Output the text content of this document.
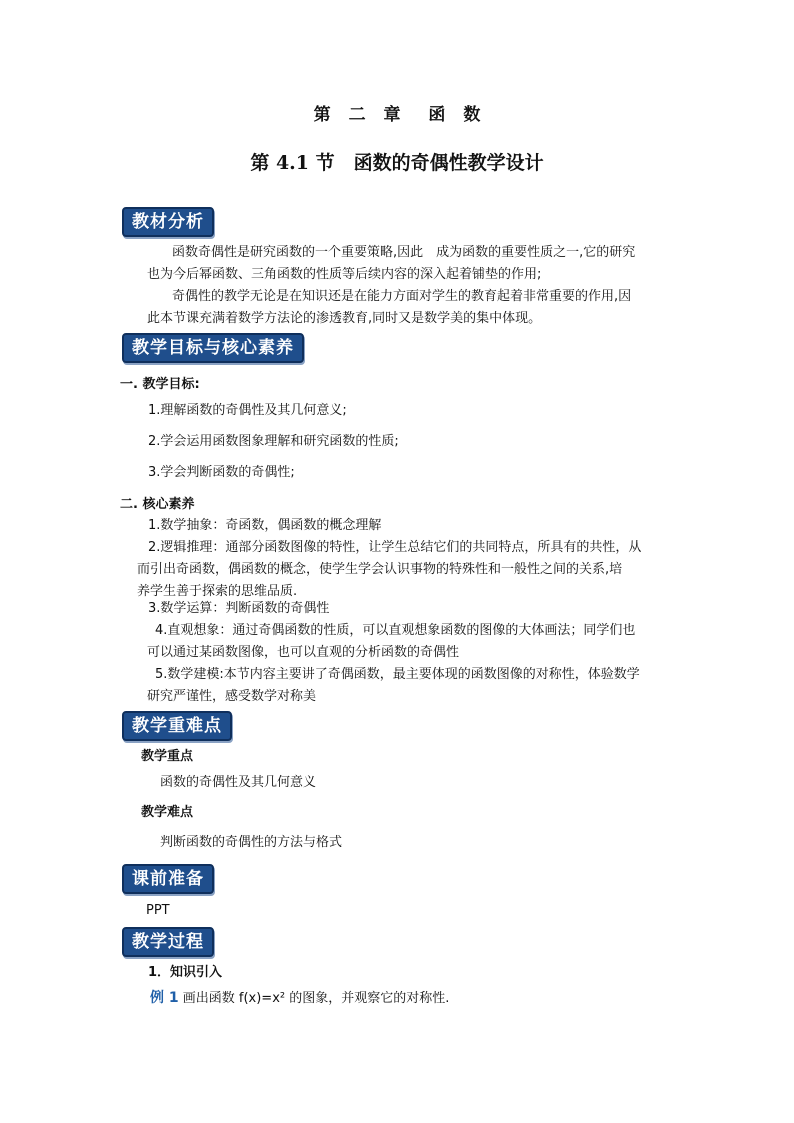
第 二 章 函 数
第 4.1 节　函数的奇偶性教学设计
教材分析
函数奇偶性是研究函数的一个重要策略,因此　成为函数的重要性质之一,它的研究
也为今后幂函数、三角函数的性质等后续内容的深入起着铺垫的作用;
奇偶性的教学无论是在知识还是在能力方面对学生的教育起着非常重要的作用,因
此本节课充满着数学方法论的渗透教育,同时又是数学美的集中体现。
教学目标与核心素养
一. 教学目标:
1.理解函数的奇偶性及其几何意义;
2.学会运用函数图象理解和研究函数的性质;
3.学会判断函数的奇偶性;
二. 核心素养
1.数学抽象：奇函数，偶函数的概念理解
2.逻辑推理：通部分函数图像的特性，让学生总结它们的共同特点，所具有的共性，从
而引出奇函数，偶函数的概念，使学生学会认识事物的特殊性和一般性之间的关系,培
养学生善于探索的思维品质.
3.数学运算：判断函数的奇偶性
4.直观想象：通过奇偶函数的性质，可以直观想象函数的图像的大体画法；同学们也
可以通过某函数图像，也可以直观的分析函数的奇偶性
5.数学建模:本节内容主要讲了奇偶函数，最主要体现的函数图像的对称性，体验数学
研究严谨性，感受数学对称美
教学重难点
教学重点
函数的奇偶性及其几何意义
教学难点
判断函数的奇偶性的方法与格式
课前准备
PPT
教学过程
1．知识引入
例 1 画出函数 f(x)=x² 的图象，并观察它的对称性.
